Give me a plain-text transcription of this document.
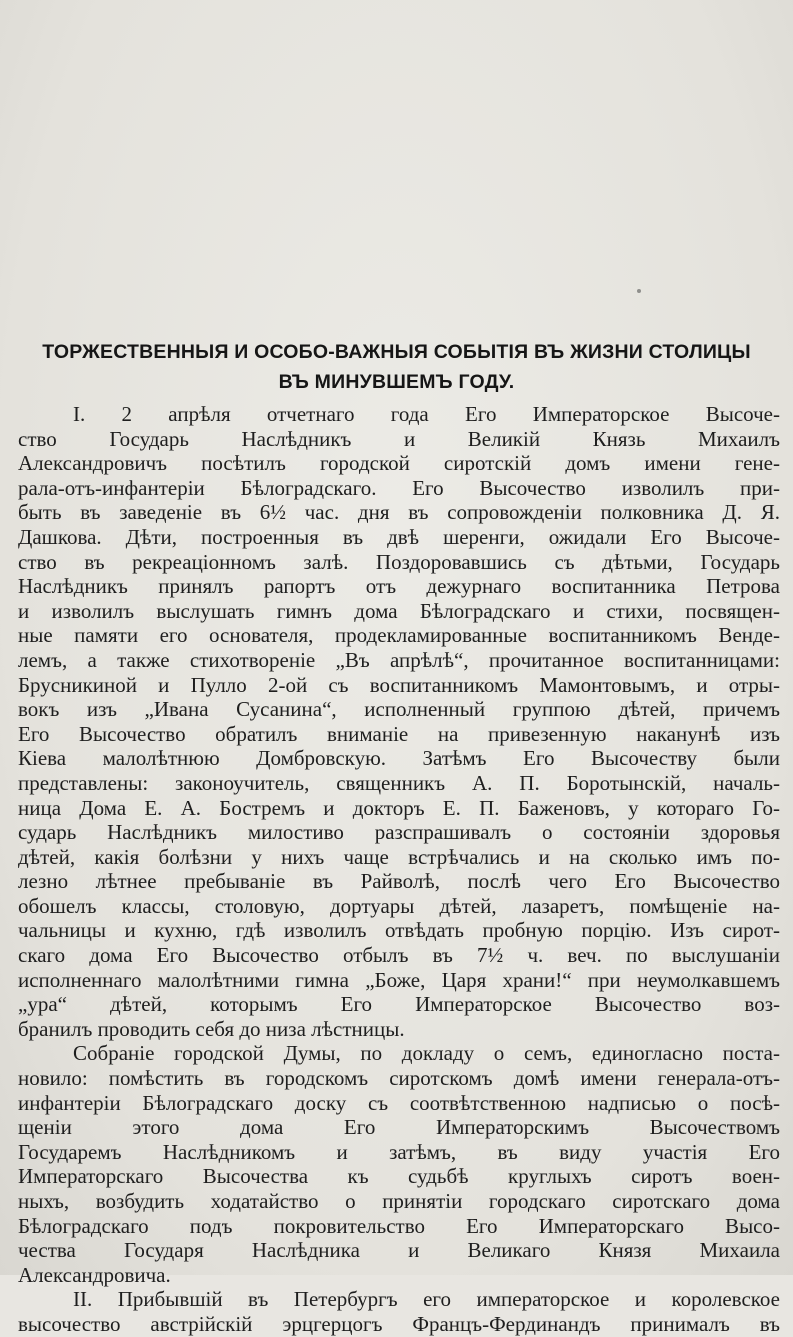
ТОРЖЕСТВЕННЫЯ И ОСОБО-ВАЖНЫЯ СОБЫТІЯ ВЪ ЖИЗНИ СТОЛИЦЫ
ВЪ МИНУВШЕМЪ ГОДУ.
I. 2 апрѣля отчетнаго года Его Императорское Высоче-
ство Государь Наслѣдникъ и Великій Князь Михаилъ
Александровичъ посѣтилъ городской сиротскій домъ имени гене-
рала-отъ-инфантеріи Бѣлоградскаго. Его Высочество изволилъ при-
быть въ заведеніе въ 6½ час. дня въ сопровожденіи полковника Д. Я.
Дашкова. Дѣти, построенныя въ двѣ шеренги, ожидали Его Высоче-
ство въ рекреаціонномъ залѣ. Поздоровавшись съ дѣтьми, Государь
Наслѣдникъ принялъ рапортъ отъ дежурнаго воспитанника Петрова
и изволилъ выслушать гимнъ дома Бѣлоградскаго и стихи, посвящен-
ные памяти его основателя, продекламированные воспитанникомъ Венде-
лемъ, а также стихотвореніе „Въ апрѣлѣ“, прочитанное воспитанницами:
Брусникиной и Пулло 2-ой съ воспитанникомъ Мамонтовымъ, и отры-
вокъ изъ „Ивана Сусанина“, исполненный группою дѣтей, причемъ
Его Высочество обратилъ вниманіе на привезенную наканунѣ изъ
Кіева малолѣтнюю Домбровскую. Затѣмъ Его Высочеству были
представлены: законоучитель, священникъ А. П. Боротынскій, началь-
ница Дома Е. А. Бостремъ и докторъ Е. П. Баженовъ, у котораго Го-
сударь Наслѣдникъ милостиво разспрашивалъ о состояніи здоровья
дѣтей, какія болѣзни у нихъ чаще встрѣчались и на сколько имъ по-
лезно лѣтнее пребываніе въ Райволѣ, послѣ чего Его Высочество
обошелъ классы, столовую, дортуары дѣтей, лазаретъ, помѣщеніе на-
чальницы и кухню, гдѣ изволилъ отвѣдать пробную порцію. Изъ сирот-
скаго дома Его Высочество отбылъ въ 7½ ч. веч. по выслушаніи
исполненнаго малолѣтними гимна „Боже, Царя храни!“ при неумолкавшемъ
„ура“ дѣтей, которымъ Его Императорское Высочество воз-
бранилъ проводить себя до низа лѣстницы.
Собраніе городской Думы, по докладу о семъ, единогласно поста-
новило: помѣстить въ городскомъ сиротскомъ домѣ имени генерала-отъ-
инфантеріи Бѣлоградскаго доску съ соотвѣтственною надписью о посѣ-
щеніи этого дома Его Императорскимъ Высочествомъ
Государемъ Наслѣдникомъ и затѣмъ, въ виду участія Его
Императорскаго Высочества къ судьбѣ круглыхъ сиротъ воен-
ныхъ, возбудить ходатайство о принятіи городскаго сиротскаго дома
Бѣлоградскаго подъ покровительство Его Императорскаго Высо-
чества Государя Наслѣдника и Великаго Князя Михаила
Александровича.
II. Прибывшій въ Петербургъ его императорское и королевское
высочество австрійскій эрцгерцогъ Францъ-Фердинандъ принималъ въ
